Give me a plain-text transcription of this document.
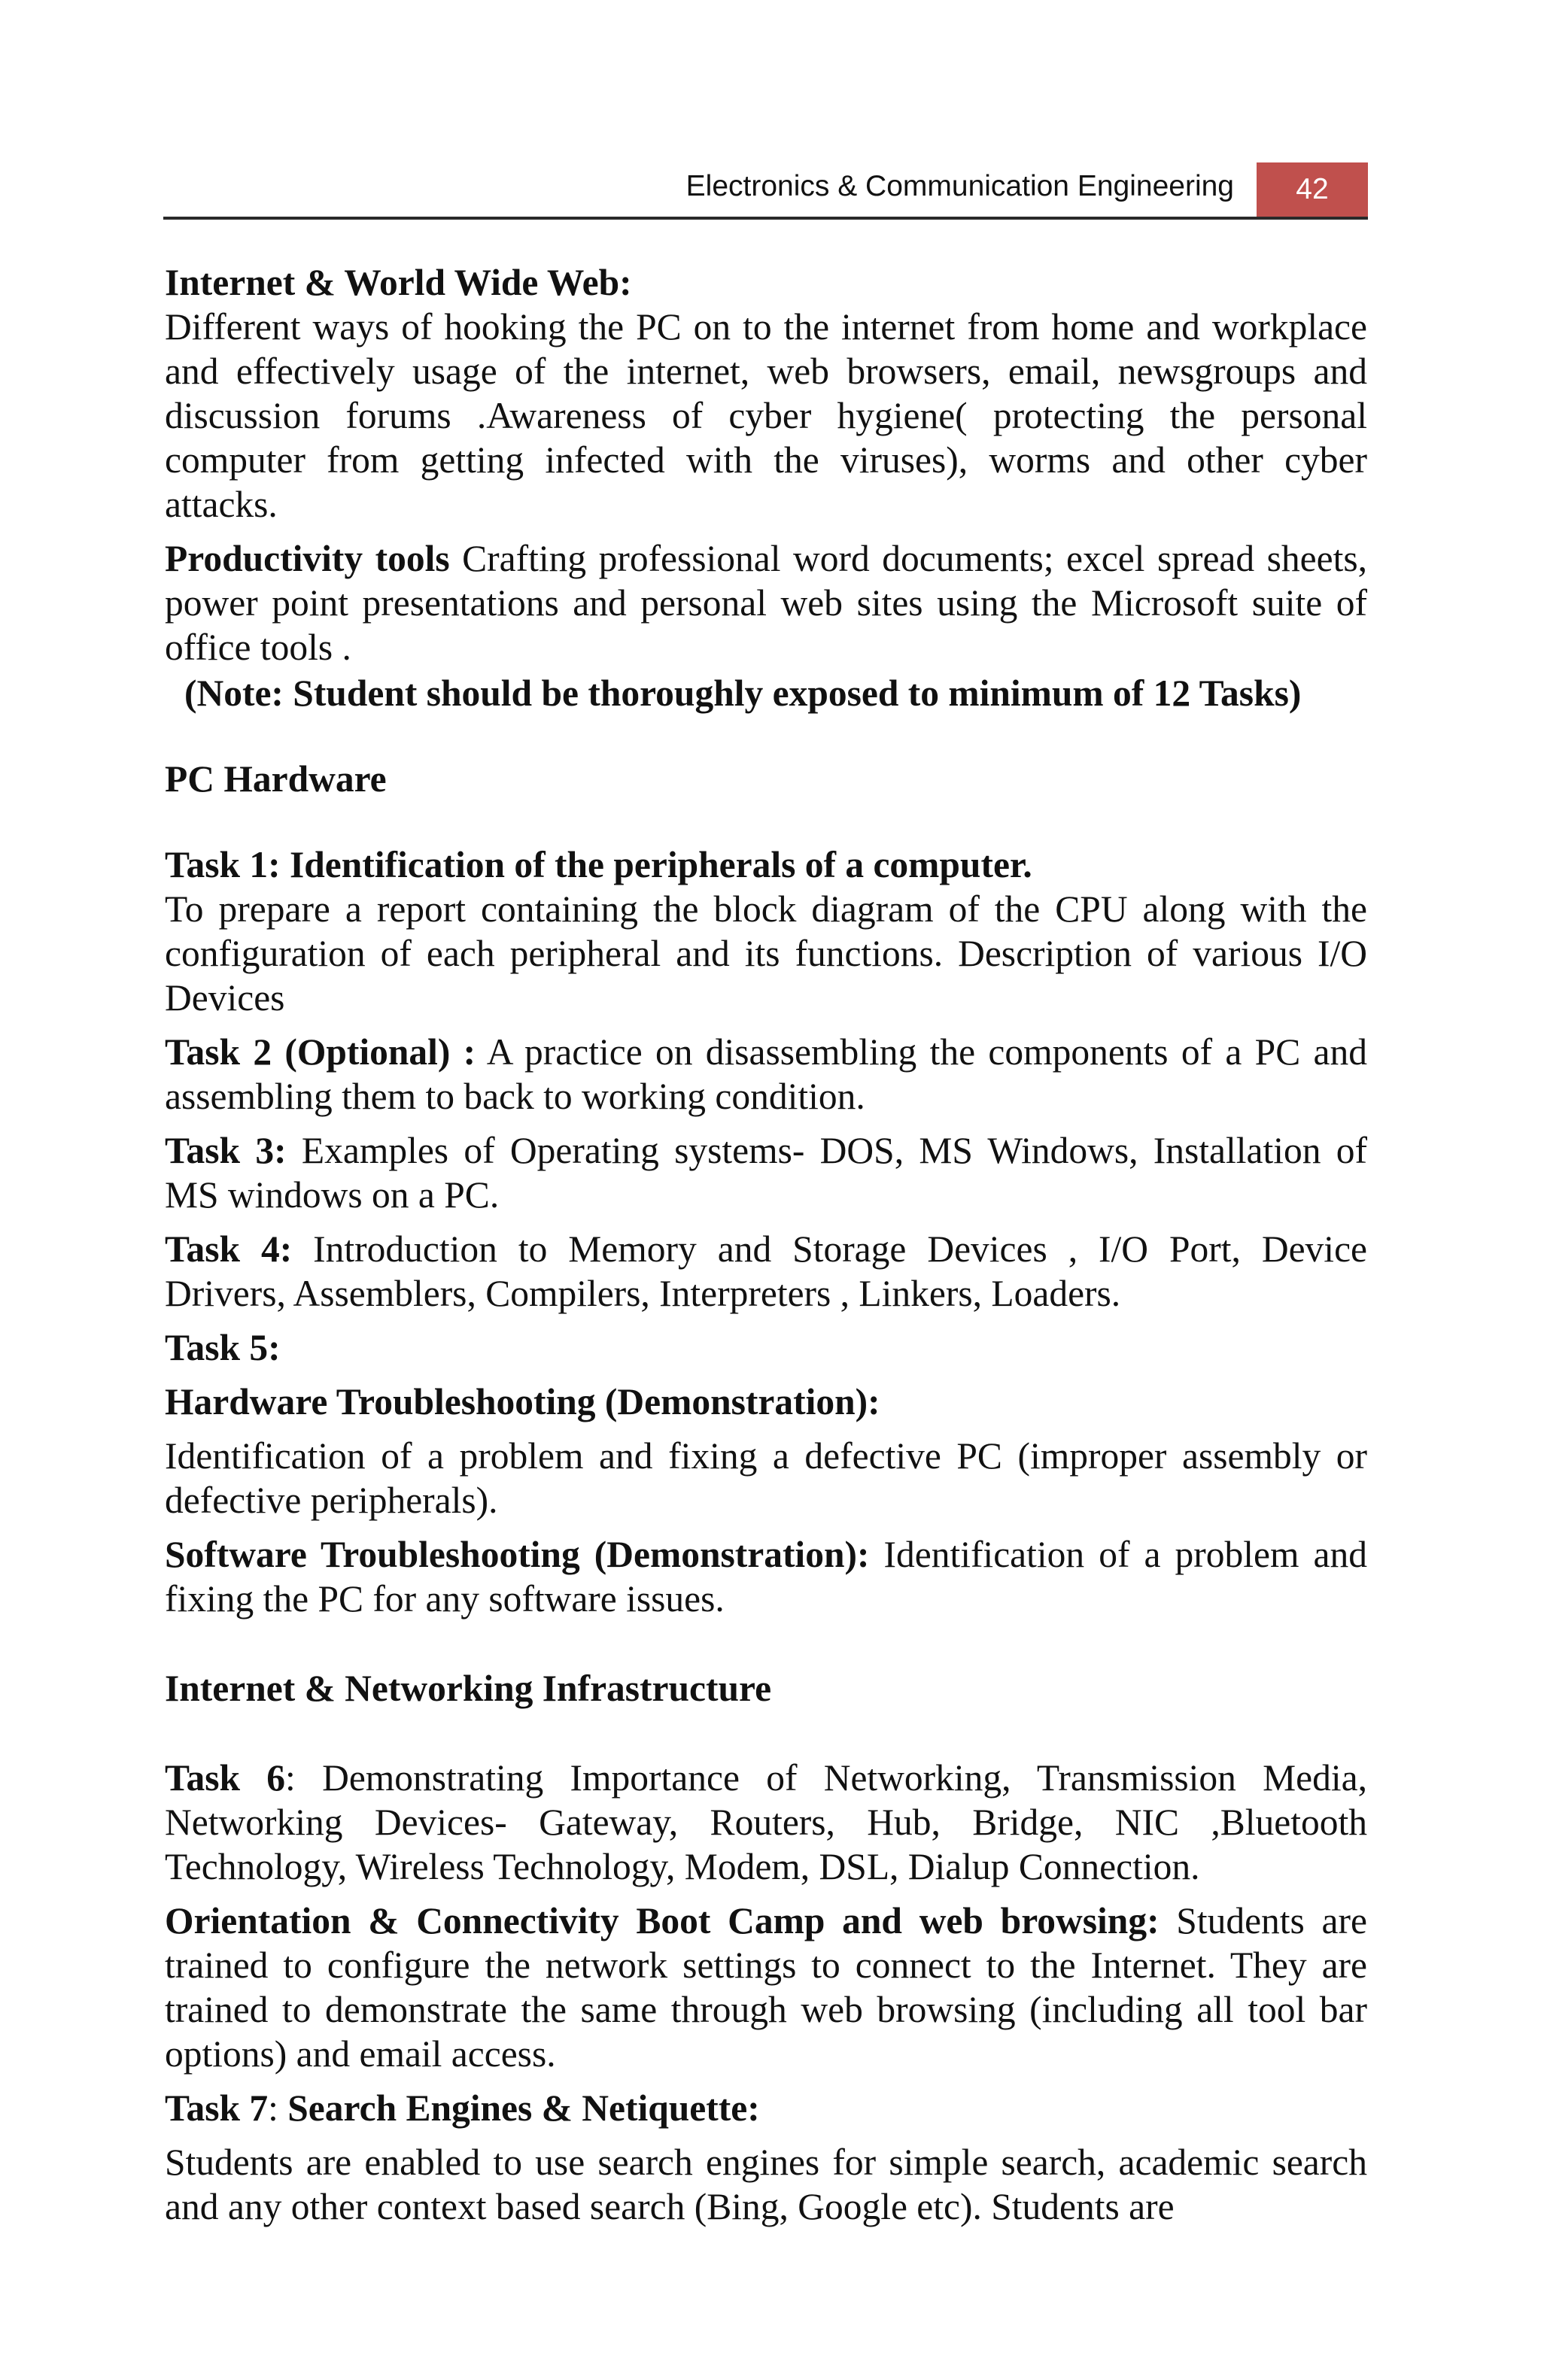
Electronics & Communication Engineering	42

Internet & World Wide Web:

Different ways of hooking the PC on to the internet from home and workplace and effectively usage of the internet, web browsers, email, newsgroups and discussion forums .Awareness of cyber hygiene( protecting the personal computer from getting infected with the viruses), worms and other cyber attacks.

Productivity tools Crafting professional word documents; excel spread sheets, power point presentations and personal web sites using the Microsoft suite of office tools .

(Note: Student should be thoroughly exposed to minimum of 12 Tasks)

PC Hardware

Task 1: Identification of the peripherals of a computer.

To prepare a report containing the block diagram of the CPU along with the configuration of each peripheral and its functions. Description of various I/O Devices

Task 2 (Optional) : A practice on disassembling the components of a PC and assembling them to back to working condition.

Task 3: Examples of Operating systems- DOS, MS Windows, Installation of MS windows on a PC.

Task 4: Introduction to Memory and Storage Devices , I/O Port, Device Drivers, Assemblers, Compilers, Interpreters , Linkers, Loaders.

Task 5:

Hardware Troubleshooting (Demonstration):

Identification of a problem and fixing a defective PC (improper assembly or defective peripherals).

Software Troubleshooting (Demonstration): Identification of a problem and fixing the PC for any software issues.

Internet & Networking Infrastructure

Task 6: Demonstrating Importance of Networking, Transmission Media, Networking Devices- Gateway, Routers, Hub, Bridge, NIC ,Bluetooth Technology, Wireless Technology, Modem, DSL, Dialup Connection.

Orientation & Connectivity Boot Camp and web browsing: Students are trained to configure the network settings to connect to the Internet. They are trained to demonstrate the same through web browsing (including all tool bar options) and email access.

Task 7: Search Engines & Netiquette:

Students are enabled to use search engines for simple search, academic search and any other context based search (Bing, Google etc). Students are
